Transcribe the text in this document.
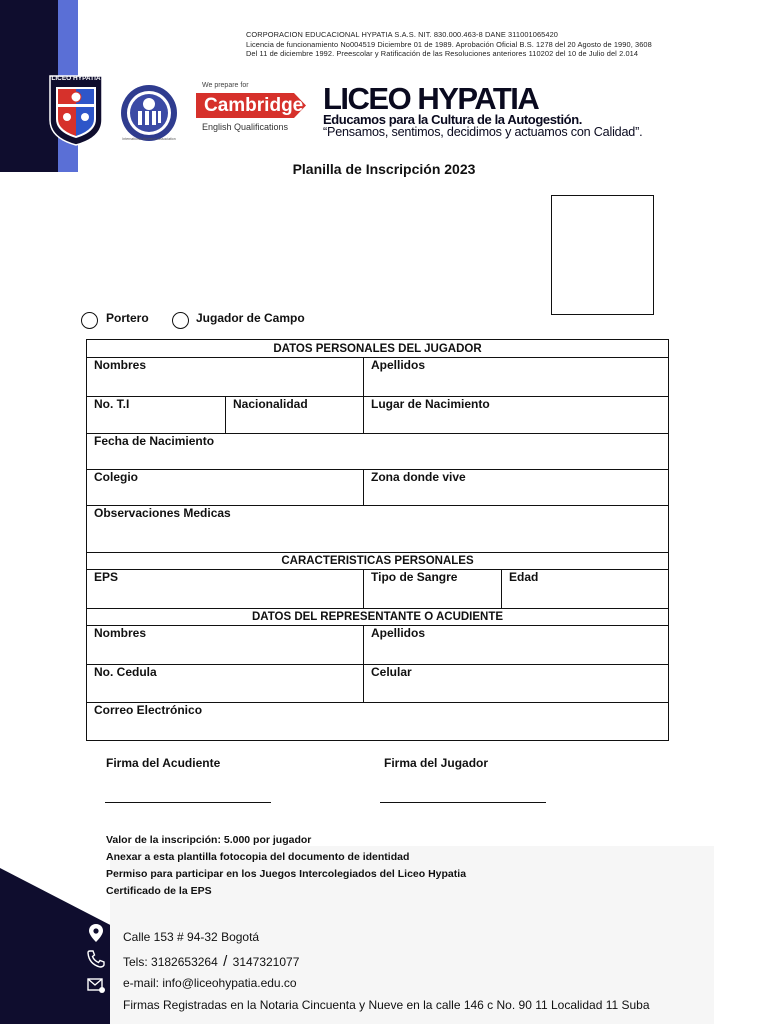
CORPORACION EDUCACIONAL HYPATIA S.A.S. NIT. 830.000.463-8 DANE 311001065420
Licencia de funcionamiento No004519 Diciembre 01 de 1989. Aprobación Oficial B.S. 1278 del 20 Agosto de 1990, 3608
Del 11 de diciembre 1992. Preescolar y Ratificación de las Resoluciones anteriores 110202 del 10 de Julio del 2.014
LICEO HYPATIA
International Women's Association
We prepare for
Cambridge
English Qualifications
LICEO HYPATIA
Educamos para la Cultura de la Autogestión.
“Pensamos, sentimos, decidimos y actuamos con Calidad”.
Planilla de Inscripción 2023
Portero	Jugador de Campo
DATOS PERSONALES DEL JUGADOR			
Nombres		Apellidos	
No. T.I	Nacionalidad	Lugar de Nacimiento	
Fecha de Nacimiento			
Colegio		Zona donde vive	
Observaciones Medicas			
CARACTERISTICAS PERSONALES			
EPS		Tipo de Sangre	Edad
DATOS DEL REPRESENTANTE O ACUDIENTE			
Nombres		Apellidos	
No. Cedula		Celular	
Correo Electrónico			
Firma del Acudiente	Firma del Jugador
Valor de la inscripción: 5.000 por jugador
Anexar a esta plantilla fotocopia del documento de identidad
Permiso para participar en los Juegos Intercolegiados del Liceo Hypatia
Certificado de la EPS
Calle 153 # 94-32 Bogotá
Tels: 3182653264 / 3147321077
e-mail: info@liceohypatia.edu.co
Firmas Registradas en la Notaria Cincuenta y Nueve en la calle 146 c No. 90 11 Localidad 11 Suba
